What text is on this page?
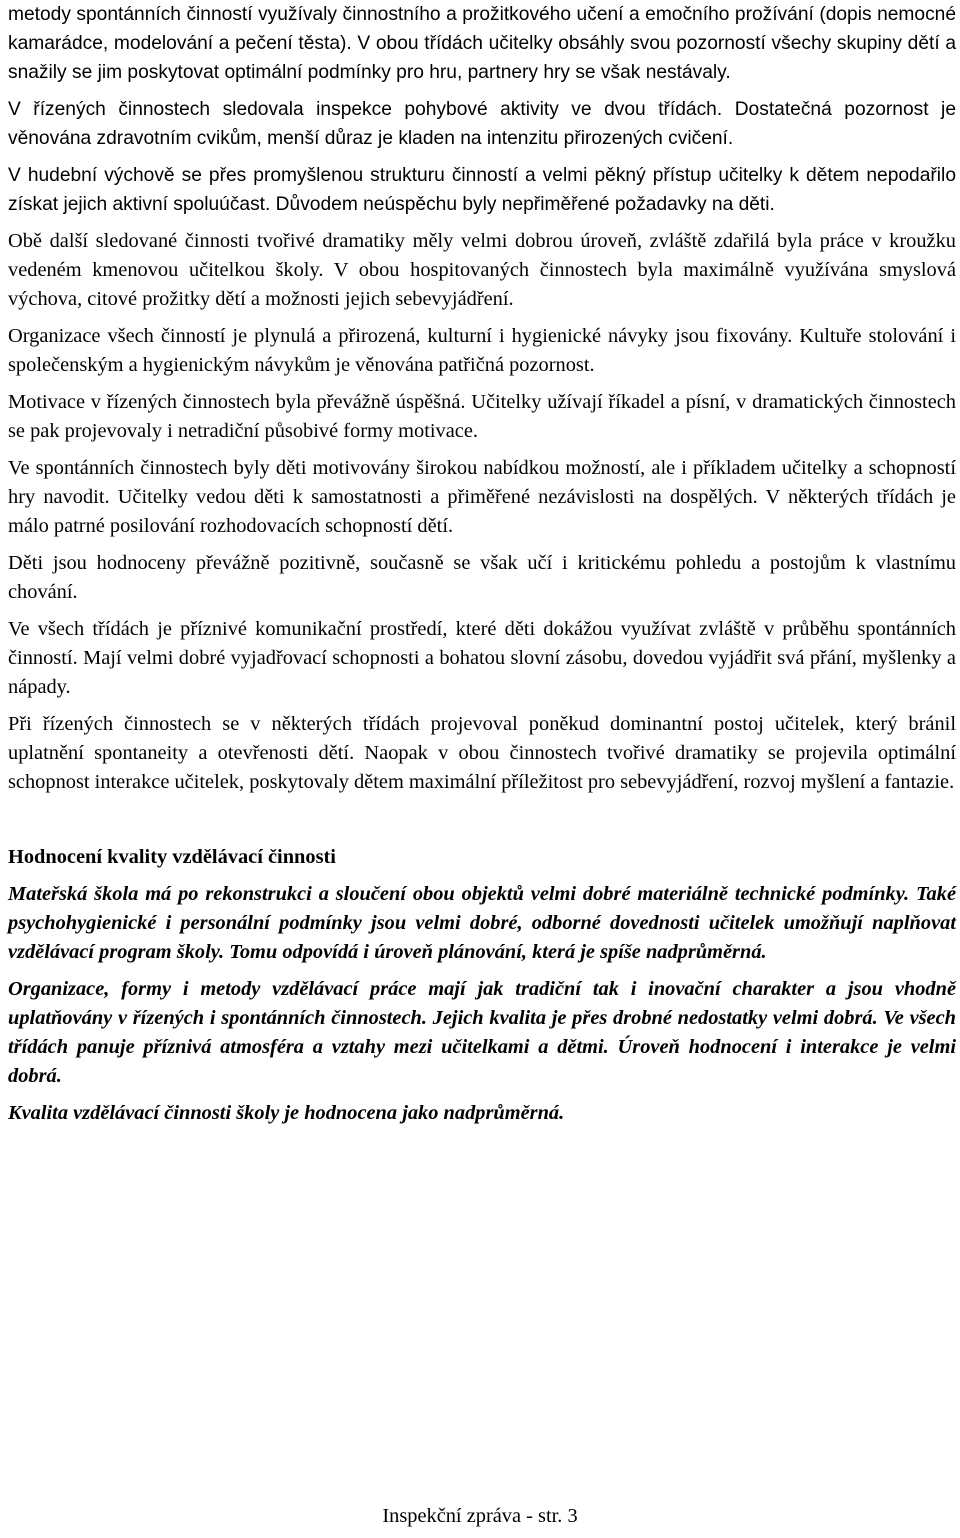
metody spontánních činností využívaly činnostního a prožitkového učení a emočního prožívání (dopis nemocné kamarádce, modelování a pečení těsta). V obou třídách učitelky obsáhly svou pozorností všechy skupiny dětí a snažily se jim poskytovat optimální podmínky pro hru, partnery hry se však nestávaly.

V řízených činnostech sledovala inspekce pohybové aktivity ve dvou třídách. Dostatečná pozornost je věnována zdravotním cvikům, menší důraz je kladen na intenzitu přirozených cvičení.

V hudební výchově se přes promyšlenou strukturu činností a velmi pěkný přístup učitelky k dětem nepodařilo získat jejich aktivní spoluúčast. Důvodem neúspěchu byly nepřiměřené požadavky na děti.

Obě další sledované činnosti tvořivé dramatiky měly velmi dobrou úroveň, zvláště zdařilá byla práce v kroužku vedeném kmenovou učitelkou školy. V obou hospitovaných činnostech byla maximálně využívána smyslová výchova, citové prožitky dětí a možnosti jejich sebevyjádření.

Organizace všech činností je plynulá a přirozená, kulturní i hygienické návyky jsou fixovány. Kultuře stolování i společenským a hygienickým návykům je věnována patřičná pozornost.

Motivace v řízených činnostech byla převážně úspěšná. Učitelky užívají říkadel a písní, v dramatických činnostech se pak projevovaly i netradiční působivé formy motivace.

Ve spontánních činnostech byly děti motivovány širokou nabídkou možností, ale i příkladem učitelky a schopností hry navodit. Učitelky vedou děti k samostatnosti a přiměřené nezávislosti na dospělých. V některých třídách je málo patrné posilování rozhodovacích schopností dětí.

Děti jsou hodnoceny převážně pozitivně, současně se však učí i kritickému pohledu a postojům k vlastnímu chování.

Ve všech třídách je příznivé komunikační prostředí, které děti dokážou využívat zvláště v průběhu spontánních činností. Mají velmi dobré vyjadřovací schopnosti a bohatou slovní zásobu, dovedou vyjádřit svá přání, myšlenky a nápady.

Při řízených činnostech se v některých třídách projevoval poněkud dominantní postoj učitelek, který bránil uplatnění spontaneity a otevřenosti dětí. Naopak v obou činnostech tvořivé dramatiky se projevila optimální schopnost interakce učitelek, poskytovaly dětem maximální příležitost pro sebevyjádření, rozvoj myšlení a fantazie.

Hodnocení kvality vzdělávací činnosti

Mateřská škola má po rekonstrukci a sloučení obou objektů velmi dobré materiálně technické podmínky. Také psychohygienické i personální podmínky jsou velmi dobré, odborné dovednosti učitelek umožňují naplňovat vzdělávací program školy. Tomu odpovídá i úroveň plánování, která je spíše nadprůměrná.

Organizace, formy i metody vzdělávací práce mají jak tradiční tak i inovační charakter a jsou vhodně uplatňovány v řízených i spontánních činnostech. Jejich kvalita je přes drobné nedostatky velmi dobrá. Ve všech třídách panuje příznivá atmosféra a vztahy mezi učitelkami a dětmi. Úroveň hodnocení i interakce je velmi dobrá.

Kvalita vzdělávací činnosti školy je hodnocena jako nadprůměrná.

Inspekční zpráva - str. 3
